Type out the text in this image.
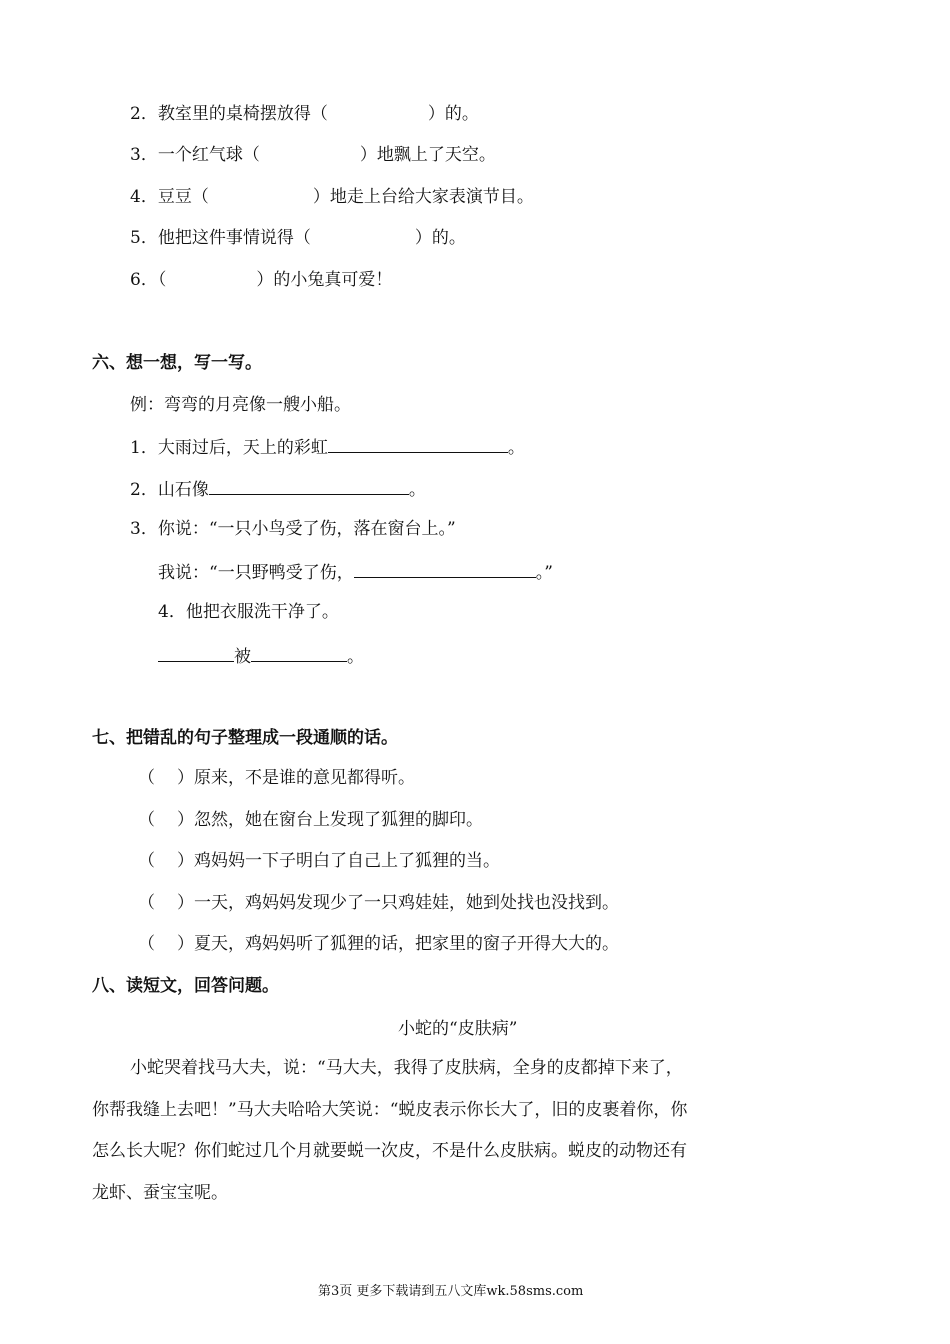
2．教室里的桌椅摆放得（	）的。
3．一个红气球（	）地飘上了天空。
4．豆豆（	）地走上台给大家表演节目。
5．他把这件事情说得（	）的。
6．（	）的小兔真可爱！
六、想一想，写一写。
例：弯弯的月亮像一艘小船。
1．大雨过后，天上的彩虹	。
2．山石像	。
3．你说：“一只小鸟受了伤，落在窗台上。”
我说：“一只野鸭受了伤，	。”
4．他把衣服洗干净了。
被	。
七、把错乱的句子整理成一段通顺的话。
（ ）原来，不是谁的意见都得听。
（ ）忽然，她在窗台上发现了狐狸的脚印。
（ ）鸡妈妈一下子明白了自己上了狐狸的当。
（ ）一天，鸡妈妈发现少了一只鸡娃娃，她到处找也没找到。
（ ）夏天，鸡妈妈听了狐狸的话，把家里的窗子开得大大的。
八、读短文，回答问题。
小蛇的“皮肤病”
小蛇哭着找马大夫，说：“马大夫，我得了皮肤病，全身的皮都掉下来了，
你帮我缝上去吧！”马大夫哈哈大笑说：“蜕皮表示你长大了，旧的皮裹着你，你
怎么长大呢？你们蛇过几个月就要蜕一次皮，不是什么皮肤病。蜕皮的动物还有
龙虾、蚕宝宝呢。
第3页 更多下载请到五八文库wk.58sms.com
